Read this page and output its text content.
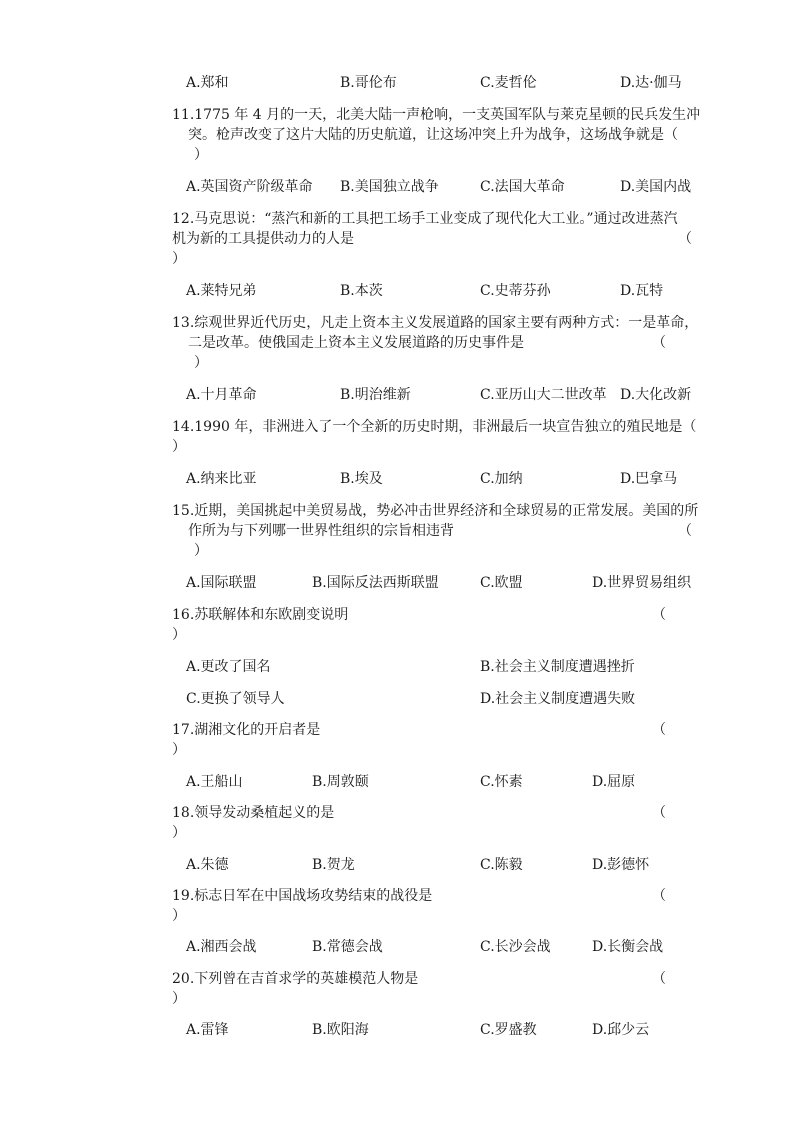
A.郑和	B.哥伦布	C.麦哲伦	D.达·伽马
11.1775 年 4 月的一天，北美大陆一声枪响，一支英国军队与莱克星顿的民兵发生冲
突。枪声改变了这片大陆的历史航道，让这场冲突上升为战争，这场战争就是（
）
A.英国资产阶级革命 B.美国独立战争	C.法国大革命	D.美国内战
12.马克思说：“蒸汽和新的工具把工场手工业变成了现代化大工业。”通过改进蒸汽
机为新的工具提供动力的人是	（
）
A.莱特兄弟	B.本茨	C.史蒂芬孙	D.瓦特
13.综观世界近代历史，凡走上资本主义发展道路的国家主要有两种方式：一是革命，
二是改革。使俄国走上资本主义发展道路的历史事件是	（
）
A.十月革命	B.明治维新	C.亚历山大二世改革 D.大化改新
14.1990 年，非洲进入了一个全新的历史时期，非洲最后一块宣告独立的殖民地是（
）
A.纳来比亚	B.埃及	C.加纳	D.巴拿马
15.近期，美国挑起中美贸易战，势必冲击世界经济和全球贸易的正常发展。美国的所
作所为与下列哪一世界性组织的宗旨相违背	（
）
A.国际联盟	B.国际反法西斯联盟	C.欧盟	D.世界贸易组织
16.苏联解体和东欧剧变说明	（
）
A.更改了国名	B.社会主义制度遭遇挫折
C.更换了领导人	D.社会主义制度遭遇失败
17.湖湘文化的开启者是	（
）
A.王船山	B.周敦颐	C.怀素	D.屈原
18.领导发动桑植起义的是	（
）
A.朱德	B.贺龙	C.陈毅	D.彭德怀
19.标志日军在中国战场攻势结束的战役是	（
）
A.湘西会战	B.常德会战	C.长沙会战	D.长衡会战
20.下列曾在吉首求学的英雄模范人物是	（
）
A.雷锋	B.欧阳海	C.罗盛教	D.邱少云
